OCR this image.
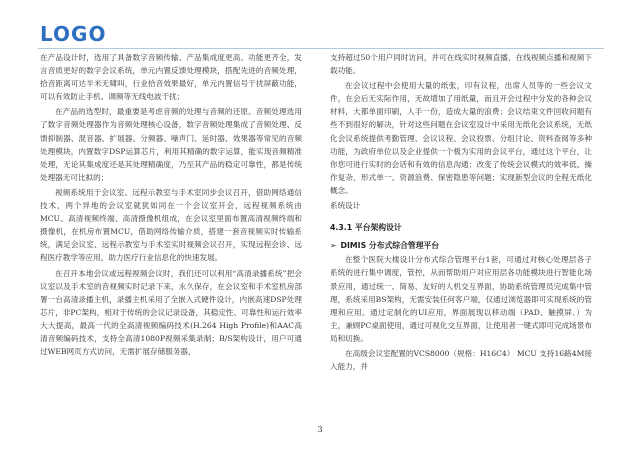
LOGO

在产品设计时，选用了具备数字音频传输、产品集成度更高、功能更齐全，发言音质更好的数字会议系统，单元内置反馈处理模块，搭配先进的音频处理，拾音距离可达半米无啸叫，行业拾音效果最好，单元内置信号干扰屏蔽功能，可以有效防止手机、调频等无线电波干扰；

在产品的选型时，最重要是考虑音频的处理与音频的还原。音频处理选用了数字音频处理器作为音频处理核心设备，数字音频处理集成了音频处理、反馈抑制器、混音器、扩展器、分频器、噪声门、延时器、效果器等常见的音频处理模块，内置数字DSP运算芯片，利用其精确的数字运算，能实现音频精准处理，无论其集成度还是其处理精确度，乃至其产品的稳定可靠性，都是传统处理器无可比拟的；

视频系统用于会议室、远程示教室与手术室同步会议召开，借助网络通信技术，两个异地的会议室就犹如同在一个会议室开会，远程视频系统由MCU、高清视频终端、高清摄像机组成，在会议室里面布置高清视频终端和摄像机，在机房布置MCU，借助网络传输介质，搭建一套音视频实时传输系统，满足会议室、远程示教室与手术室实时视频会议召开，实现远程会诊、远程医疗教学等应用，助力医疗行业信息化的快速发展。

在召开本地会议或远程视频会议时，我们还可以利用“高清录播系统”把会议室以及手术室的音视频实时记录下来，永久保存，在会议室和手术室机房部署一台高清录播主机，录播主机采用了全嵌入式硬件设计，内嵌高速DSP处理芯片，非PC架构，相对于传统的会议记录设备，其稳定性、可靠性和运行效率大大提高，最高一代的全高清视频编码技术(H.264 High Profile)和AAC高清音频编码技术，支持全高清1080P视频采集录制；B/S架构设计，用户可通过WEB网页方式访问，无需扩展存储服务器，

支持超过50个用户同时访问，并可在线实时视频直播、在线视频点播和视频下载功能。

在会议过程中会使用大量的纸张，印有议程，出席人员等的一些会议文件，在会后无实际作用，无故增加了用纸量，而且开会过程中分发的各种会议材料，大都单面印刷，人手一份，造成大量的浪费；会议结束文件回收问题有些不到很好的解决，针对这些问题在会议室设计中采用无纸化会议系统，无纸化会议系统提供考勤管理、会议议程、会议投票、分组讨论、资料查阅等多种功能，为政府单位以及企业提供一个极为实用的会议平台，通过这个平台，让你您可进行实时的会话和有效的信息沟通；改变了传统会议模式的效率低、操作复杂、形式单一、资源浪费、保密隐患等问题；实现新型会议的全程无纸化概念。

系统设计

4.3.1 平台架构设计

➢ DIMIS 分布式综合管理平台

在整个医院大楼设计分布式综合管理平台1套，可通过对核心处理层各子系统的进行集中调度，管控，从而帮助用户对应用层各功能模块进行智能化场景应用，通过统一、简易、友好的人机交互界面，协助系统管理员完成集中管理，系统采用BS架构，无需安装任何客户端，仅通过浏览器即可实现系统的管理和应用。通过定制化的UI应用，界面展现以移动端（PAD、触摸屏、）为主，兼顾PC桌面使用，通过可视化交互界面，让使用者一键式即可完成场景布局和切换。

在高级会议室配置的VCS8000（规格：H16C4） MCU 支持16路4M接入能力，并

3
